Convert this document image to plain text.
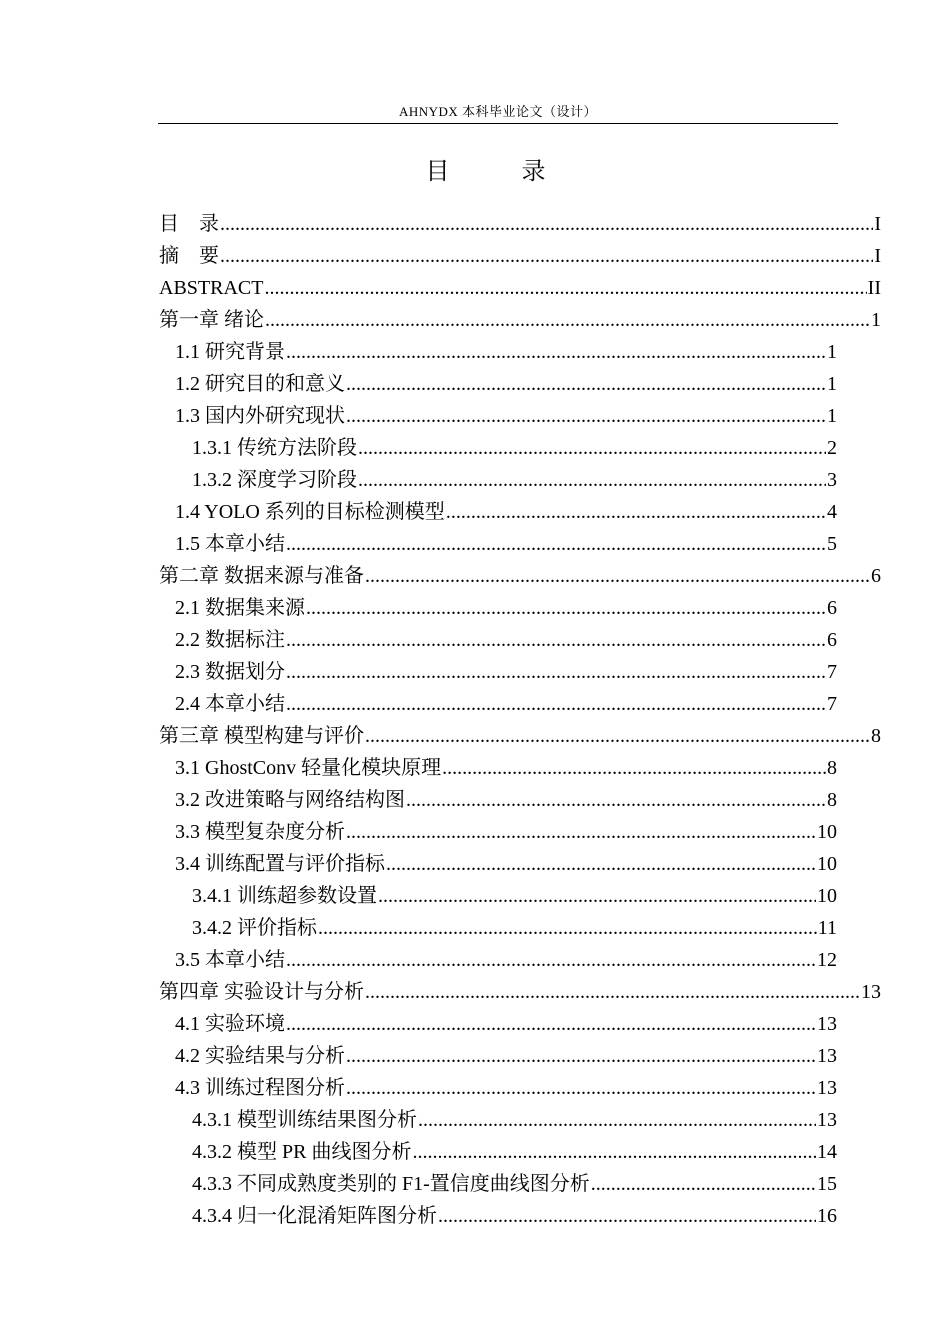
AHNYDX 本科毕业论文（设计）
目　录
目　录 .....	I
摘　要 .....	I
ABSTRACT .....	II
第一章 绪论 .....	1
1.1 研究背景 .....	1
1.2 研究目的和意义 .....	1
1.3 国内外研究现状 .....	1
1.3.1 传统方法阶段 .....	2
1.3.2 深度学习阶段 .....	3
1.4 YOLO 系列的目标检测模型 .....	4
1.5 本章小结 .....	5
第二章 数据来源与准备 .....	6
2.1 数据集来源 .....	6
2.2 数据标注 .....	6
2.3 数据划分 .....	7
2.4 本章小结 .....	7
第三章 模型构建与评价 .....	8
3.1 GhostConv 轻量化模块原理 .....	8
3.2 改进策略与网络结构图 .....	8
3.3 模型复杂度分析 .....	10
3.4 训练配置与评价指标 .....	10
3.4.1 训练超参数设置 .....	10
3.4.2 评价指标 .....	11
3.5 本章小结 .....	12
第四章 实验设计与分析 .....	13
4.1 实验环境 .....	13
4.2 实验结果与分析 .....	13
4.3 训练过程图分析 .....	13
4.3.1 模型训练结果图分析 .....	13
4.3.2 模型 PR 曲线图分析 .....	14
4.3.3 不同成熟度类别的 F1-置信度曲线图分析 .....	15
4.3.4 归一化混淆矩阵图分析 .....	16
